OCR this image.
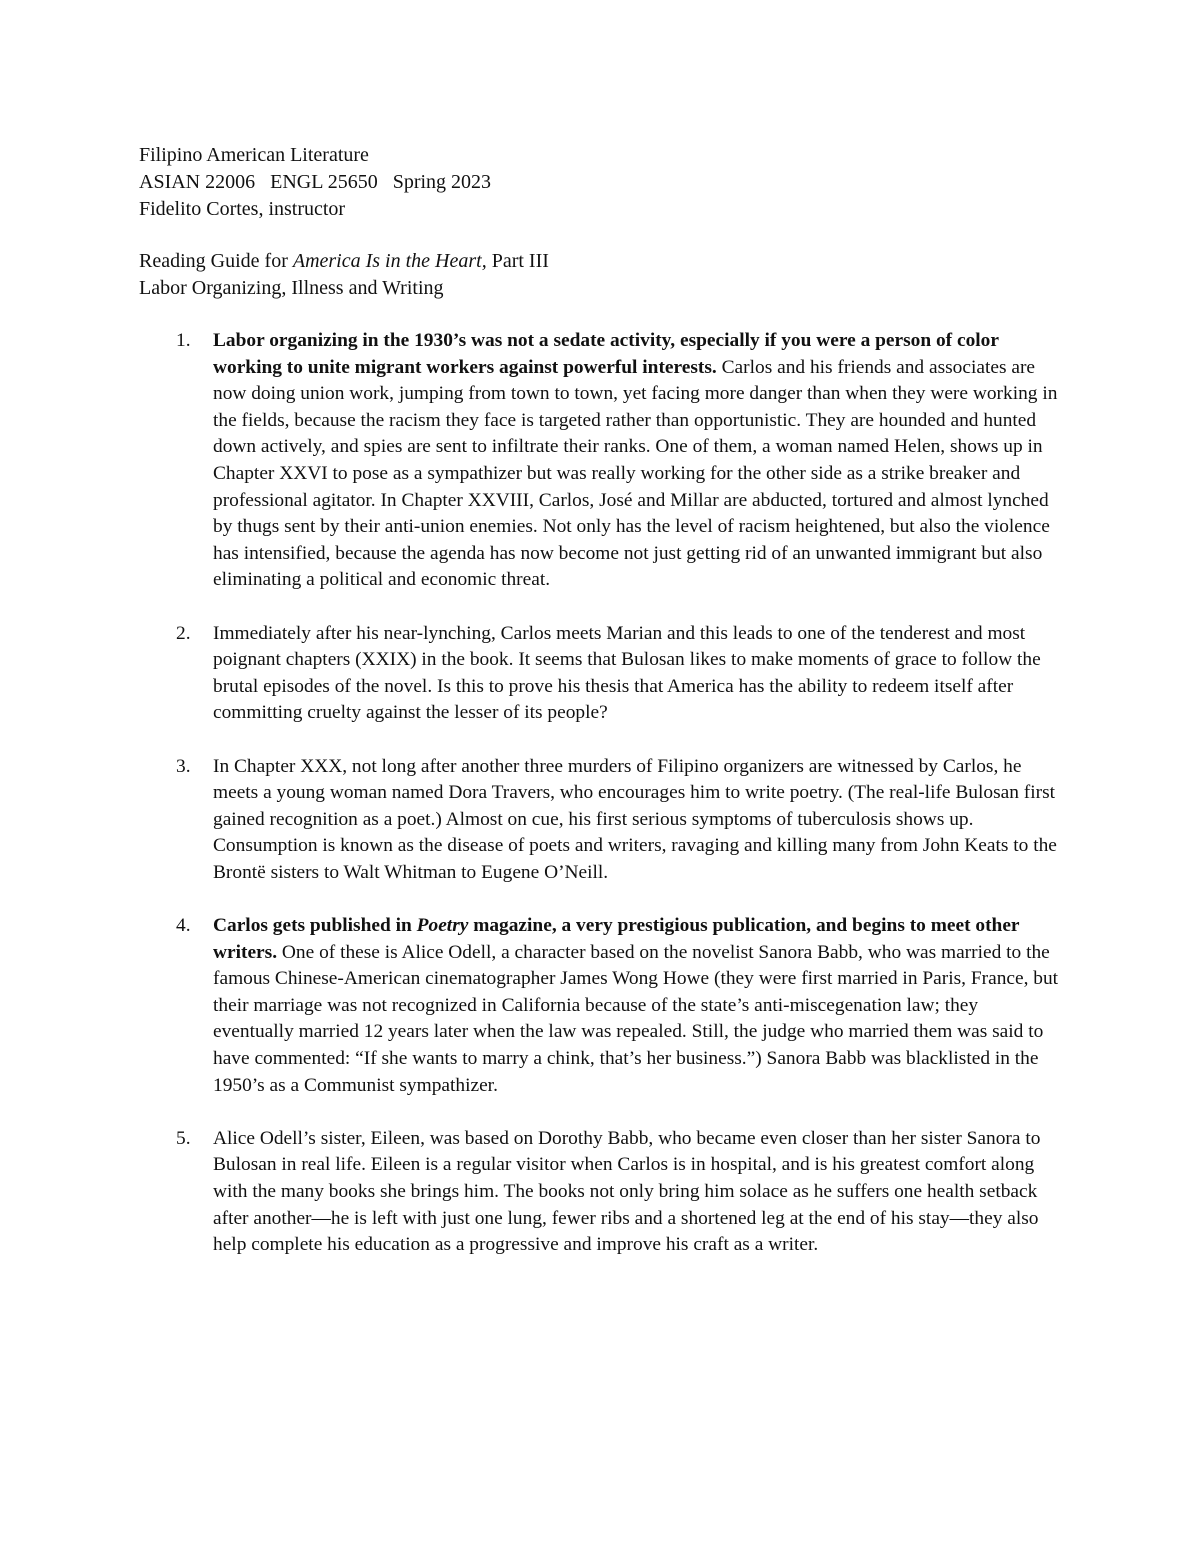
Filipino American Literature
ASIAN 22006   ENGL 25650   Spring 2023
Fidelito Cortes, instructor
Reading Guide for America Is in the Heart, Part III
Labor Organizing, Illness and Writing
1. Labor organizing in the 1930’s was not a sedate activity, especially if you were a person of color working to unite migrant workers against powerful interests. Carlos and his friends and associates are now doing union work, jumping from town to town, yet facing more danger than when they were working in the fields, because the racism they face is targeted rather than opportunistic. They are hounded and hunted down actively, and spies are sent to infiltrate their ranks. One of them, a woman named Helen, shows up in Chapter XXVI to pose as a sympathizer but was really working for the other side as a strike breaker and professional agitator. In Chapter XXVIII, Carlos, José and Millar are abducted, tortured and almost lynched by thugs sent by their anti-union enemies. Not only has the level of racism heightened, but also the violence has intensified, because the agenda has now become not just getting rid of an unwanted immigrant but also eliminating a political and economic threat.
2. Immediately after his near-lynching, Carlos meets Marian and this leads to one of the tenderest and most poignant chapters (XXIX) in the book. It seems that Bulosan likes to make moments of grace to follow the brutal episodes of the novel. Is this to prove his thesis that America has the ability to redeem itself after committing cruelty against the lesser of its people?
3. In Chapter XXX, not long after another three murders of Filipino organizers are witnessed by Carlos, he meets a young woman named Dora Travers, who encourages him to write poetry. (The real-life Bulosan first gained recognition as a poet.) Almost on cue, his first serious symptoms of tuberculosis shows up. Consumption is known as the disease of poets and writers, ravaging and killing many from John Keats to the Brontë sisters to Walt Whitman to Eugene O’Neill.
4. Carlos gets published in Poetry magazine, a very prestigious publication, and begins to meet other writers. One of these is Alice Odell, a character based on the novelist Sanora Babb, who was married to the famous Chinese-American cinematographer James Wong Howe (they were first married in Paris, France, but their marriage was not recognized in California because of the state’s anti-miscegenation law; they eventually married 12 years later when the law was repealed. Still, the judge who married them was said to have commented: “If she wants to marry a chink, that’s her business.”) Sanora Babb was blacklisted in the 1950’s as a Communist sympathizer.
5. Alice Odell’s sister, Eileen, was based on Dorothy Babb, who became even closer than her sister Sanora to Bulosan in real life. Eileen is a regular visitor when Carlos is in hospital, and is his greatest comfort along with the many books she brings him. The books not only bring him solace as he suffers one health setback after another—he is left with just one lung, fewer ribs and a shortened leg at the end of his stay—they also help complete his education as a progressive and improve his craft as a writer.
